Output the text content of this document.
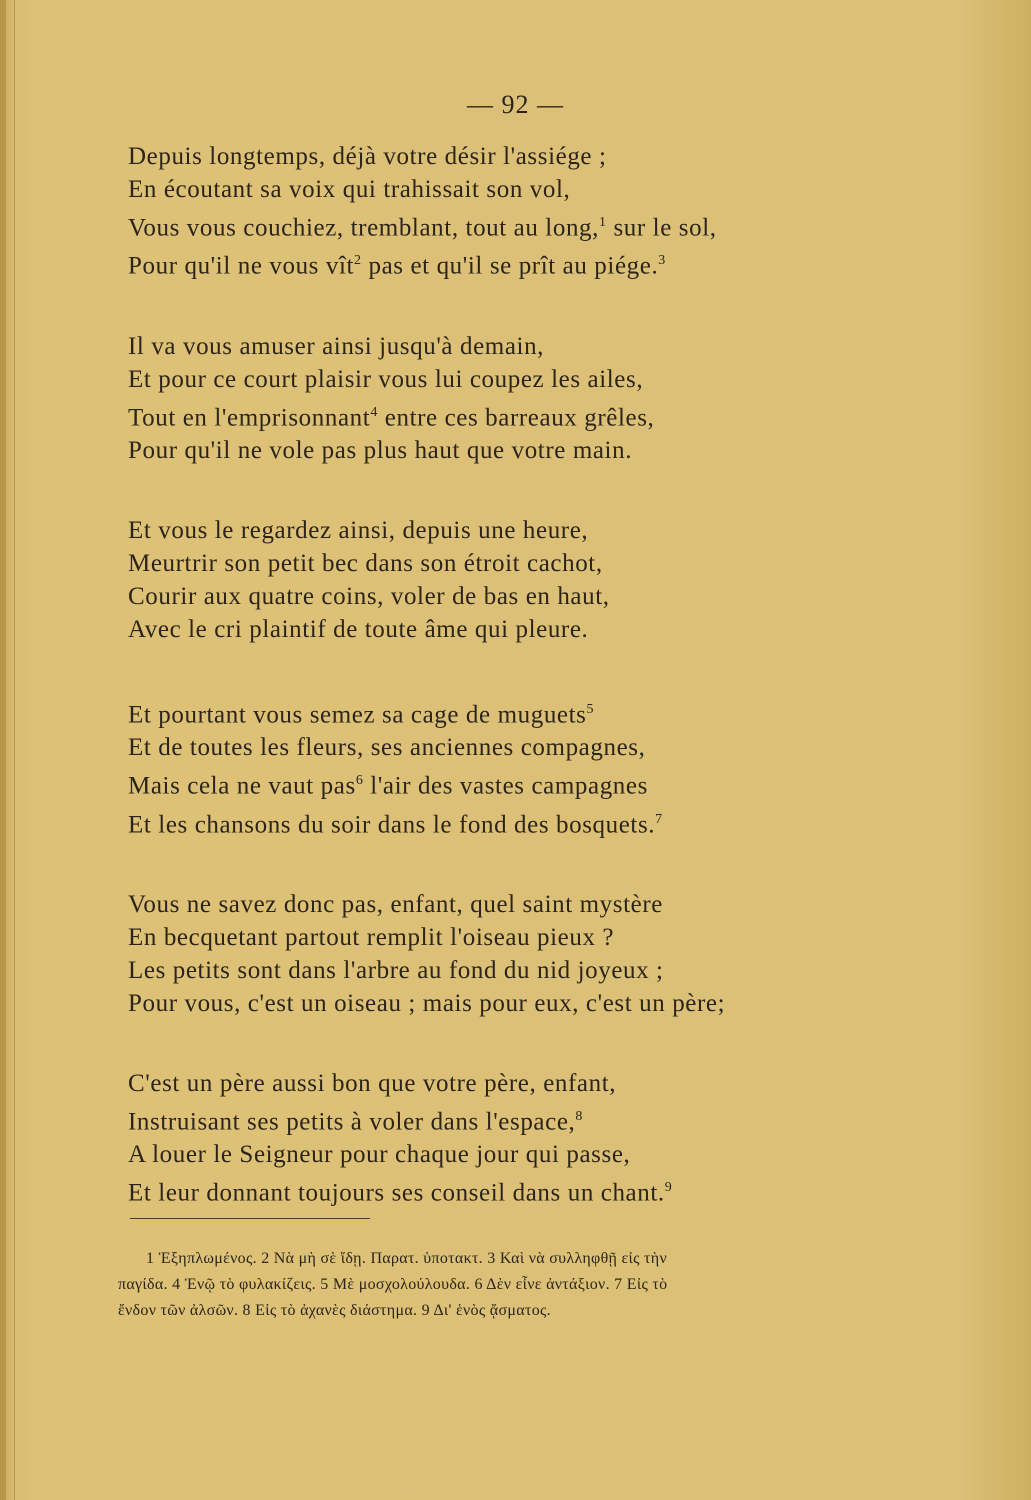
— 92 —
Depuis longtemps, déjà votre désir l'assiége ;
En écoutant sa voix qui trahissait son vol,
Vous vous couchiez, tremblant, tout au long,$^1$ sur le sol,
Pour qu'il ne vous vît$^2$ pas et qu'il se prît au piége.$^3$
Il va vous amuser ainsi jusqu'à demain,
Et pour ce court plaisir vous lui coupez les ailes,
Tout en l'emprisonnant$^4$ entre ces barreaux grêles,
Pour qu'il ne vole pas plus haut que votre main.
Et vous le regardez ainsi, depuis une heure,
Meurtrir son petit bec dans son étroit cachot,
Courir aux quatre coins, voler de bas en haut,
Avec le cri plaintif de toute âme qui pleure.
Et pourtant vous semez sa cage de muguets$^5$
Et de toutes les fleurs, ses anciennes compagnes,
Mais cela ne vaut pas$^6$ l'air des vastes campagnes
Et les chansons du soir dans le fond des bosquets.$^7$
Vous ne savez donc pas, enfant, quel saint mystère
En becquetant partout remplit l'oiseau pieux ?
Les petits sont dans l'arbre au fond du nid joyeux ;
Pour vous, c'est un oiseau ; mais pour eux, c'est un père;
C'est un père aussi bon que votre père, enfant,
Instruisant ses petits à voler dans l'espace,$^8$
A louer le Seigneur pour chaque jour qui passe,
Et leur donnant toujours ses conseil dans un chant.$^9$
1 Ἐξηπλωμένος. 2 Νὰ μὴ σὲ ἴδῃ. Παρατ. ὑποτακτ. 3 Καὶ νὰ συλληφθῇ εἰς τὴν
παγίδα. 4 Ἐνῷ τὸ φυλακίζεις. 5 Μὲ μοσχολούλουδα. 6 Δὲν εἶνε ἀντάξιον. 7 Εἰς τὸ
ἔνδον τῶν ἀλσῶν. 8 Εἰς τὸ ἀχανὲς διάστημα. 9 Δι' ἑνὸς ᾄσματος.
